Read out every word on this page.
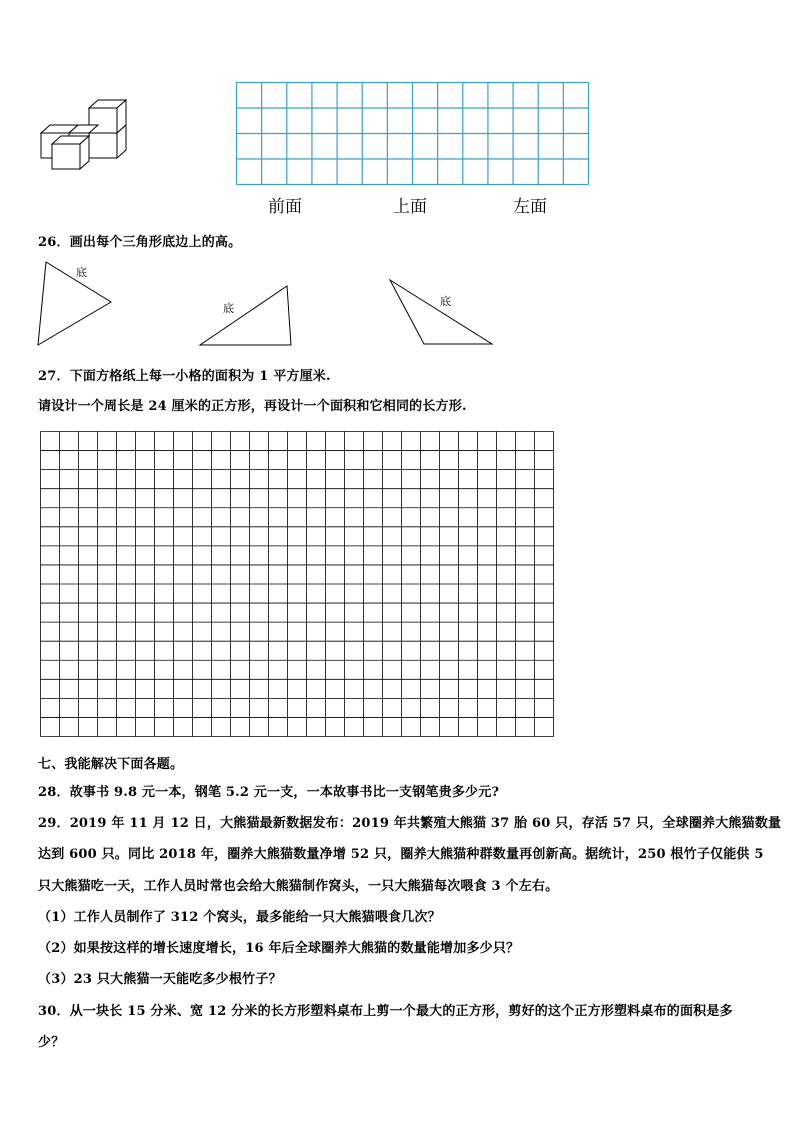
前面	上面	左面
26．画出每个三角形底边上的高。
底
底
底
27．下面方格纸上每一小格的面积为 1 平方厘米.
请设计一个周长是 24 厘米的正方形，再设计一个面积和它相同的长方形.
七、我能解决下面各题。
28．故事书 9.8 元一本，钢笔 5.2 元一支，一本故事书比一支钢笔贵多少元?
29．2019 年 11 月 12 日，大熊猫最新数据发布：2019 年共繁殖大熊猫 37 胎 60 只，存活 57 只，全球圈养大熊猫数量
达到 600 只。同比 2018 年，圈养大熊猫数量净增 52 只，圈养大熊猫种群数量再创新高。据统计，250 根竹子仅能供 5
只大熊猫吃一天，工作人员时常也会给大熊猫制作窝头，一只大熊猫每次喂食 3 个左右。
（1）工作人员制作了 312 个窝头，最多能给一只大熊猫喂食几次？
（2）如果按这样的增长速度增长，16 年后全球圈养大熊猫的数量能增加多少只？
（3）23 只大熊猫一天能吃多少根竹子？
30．从一块长 15 分米、宽 12 分米的长方形塑料桌布上剪一个最大的正方形，剪好的这个正方形塑料桌布的面积是多
少？
